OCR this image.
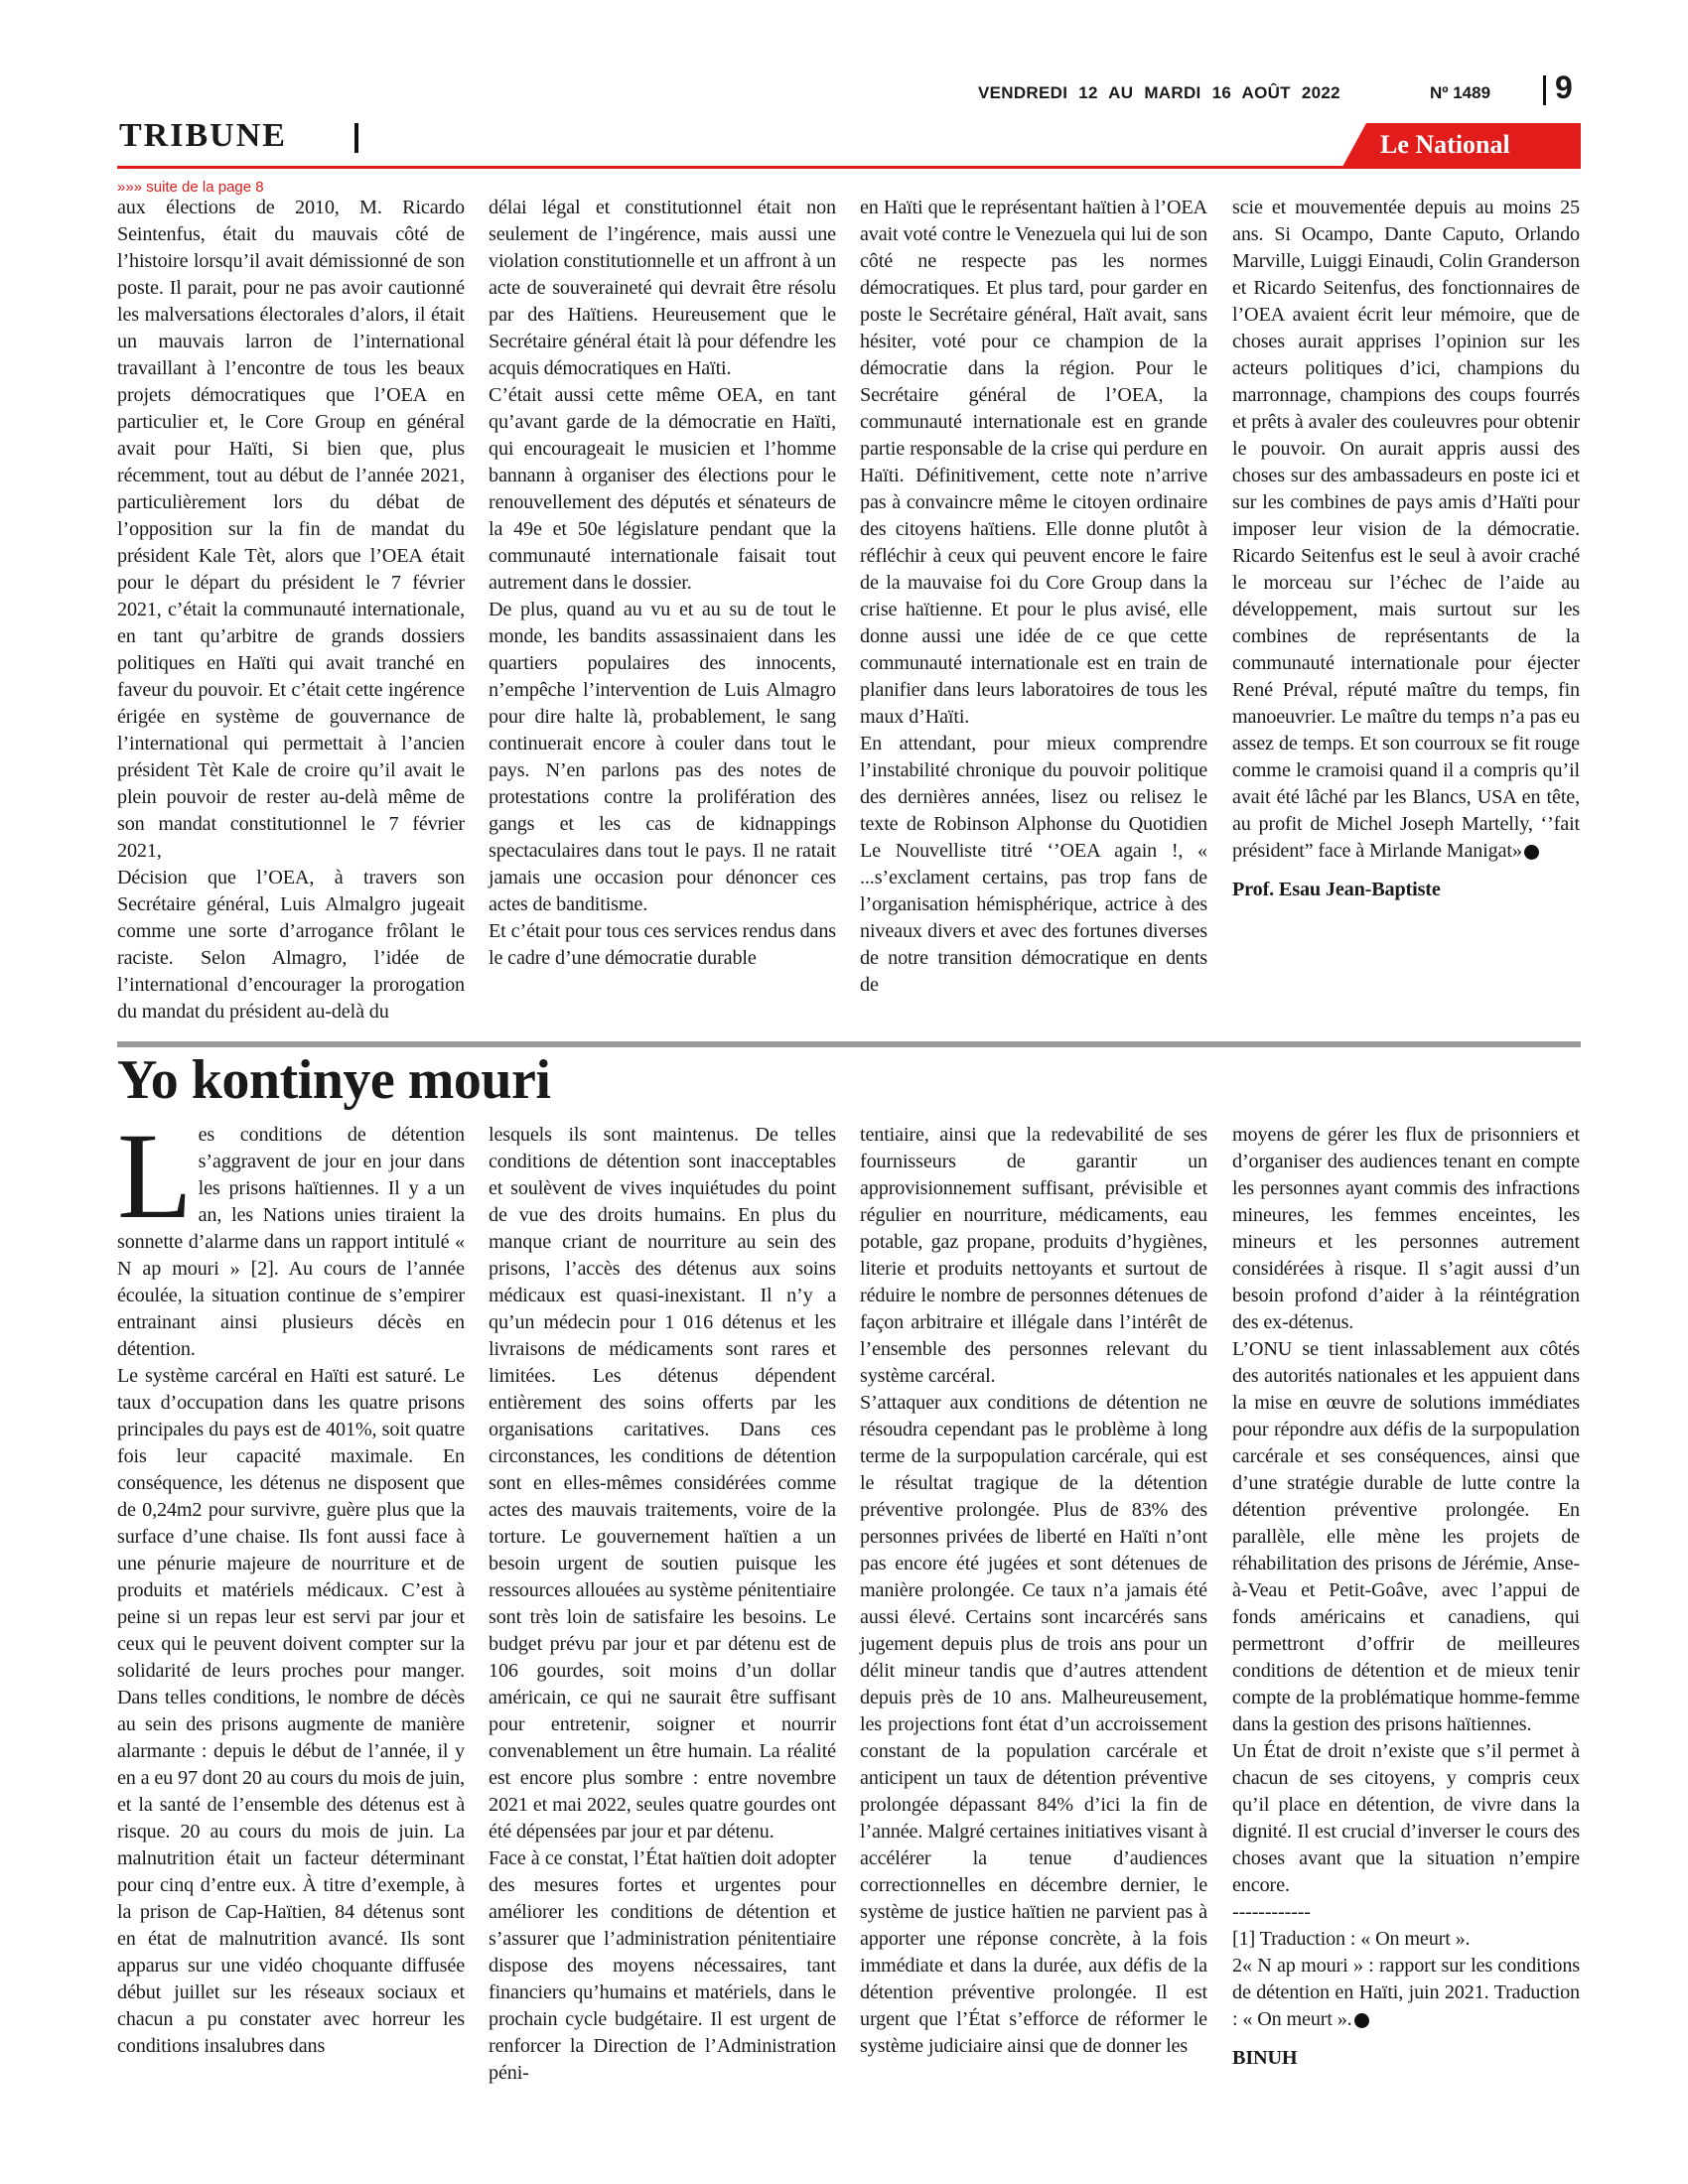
VENDREDI 12 AU MARDI 16 AOÛT 2022	Nº 1489 9
TRIBUNE	Le National
»»» suite de la page 8

aux élections de 2010, M. Ricardo Seintenfus, était du mauvais côté de l’histoire lorsqu’il avait démissionné de son poste. Il parait, pour ne pas avoir cautionné les malversations électorales d’alors, il était un mauvais larron de l’international travaillant à l’encontre de tous les beaux projets démocratiques que l’OEA en particulier et, le Core Group en général avait pour Haïti, Si bien que, plus récemment, tout au début de l’année 2021, particulièrement lors du débat de l’opposition sur la fin de mandat du président Kale Tèt, alors que l’OEA était pour le départ du président le 7 février 2021, c’était la communauté internationale, en tant qu’arbitre de grands dossiers politiques en Haïti qui avait tranché en faveur du pouvoir. Et c’était cette ingérence érigée en système de gouvernance de l’international qui permettait à l’ancien président Tèt Kale de croire qu’il avait le plein pouvoir de rester au-delà même de son mandat constitutionnel le 7 février 2021,

Décision que l’OEA, à travers son Secrétaire général, Luis Almalgro jugeait comme une sorte d’arrogance frôlant le raciste. Selon Almagro, l’idée de l’international d’encourager la prorogation du mandat du président au-delà du

délai légal et constitutionnel était non seulement de l’ingérence, mais aussi une violation constitutionnelle et un affront à un acte de souveraineté qui devrait être résolu par des Haïtiens. Heureusement que le Secrétaire général était là pour défendre les acquis démocratiques en Haïti.

C’était aussi cette même OEA, en tant qu’avant garde de la démocratie en Haïti, qui encourageait le musicien et l’homme bannann à organiser des élections pour le renouvellement des députés et sénateurs de la 49e et 50e législature pendant que la communauté internationale faisait tout autrement dans le dossier.

De plus, quand au vu et au su de tout le monde, les bandits assassinaient dans les quartiers populaires des innocents, n’empêche l’intervention de Luis Almagro pour dire halte là, probablement, le sang continuerait encore à couler dans tout le pays. N’en parlons pas des notes de protestations contre la prolifération des gangs et les cas de kidnappings spectaculaires dans tout le pays. Il ne ratait jamais une occasion pour dénoncer ces actes de banditisme.

Et c’était pour tous ces services rendus dans le cadre d’une démocratie durable

en Haïti que le représentant haïtien à l’OEA avait voté contre le Venezuela qui lui de son côté ne respecte pas les normes démocratiques. Et plus tard, pour garder en poste le Secrétaire général, Haït avait, sans hésiter, voté pour ce champion de la démocratie dans la région. Pour le Secrétaire général de l’OEA, la communauté internationale est en grande partie responsable de la crise qui perdure en Haïti. Définitivement, cette note n’arrive pas à convaincre même le citoyen ordinaire des citoyens haïtiens. Elle donne plutôt à réfléchir à ceux qui peuvent encore le faire de la mauvaise foi du Core Group dans la crise haïtienne. Et pour le plus avisé, elle donne aussi une idée de ce que cette communauté internationale est en train de planifier dans leurs laboratoires de tous les maux d’Haïti.

En attendant, pour mieux comprendre l’instabilité chronique du pouvoir politique des dernières années, lisez ou relisez le texte de Robinson Alphonse du Quotidien Le Nouvelliste titré ‘’OEA again !, « ...s’exclament certains, pas trop fans de l’organisation hémisphérique, actrice à des niveaux divers et avec des fortunes diverses de notre transition démocratique en dents de

scie et mouvementée depuis au moins 25 ans. Si Ocampo, Dante Caputo, Orlando Marville, Luiggi Einaudi, Colin Granderson et Ricardo Seitenfus, des fonctionnaires de l’OEA avaient écrit leur mémoire, que de choses aurait apprises l’opinion sur les acteurs politiques d’ici, champions du marronnage, champions des coups fourrés et prêts à avaler des couleuvres pour obtenir le pouvoir. On aurait appris aussi des choses sur des ambassadeurs en poste ici et sur les combines de pays amis d’Haïti pour imposer leur vision de la démocratie. Ricardo Seitenfus est le seul à avoir craché le morceau sur l’échec de l’aide au développement, mais surtout sur les combines de représentants de la communauté internationale pour éjecter René Préval, réputé maître du temps, fin manoeuvrier. Le maître du temps n’a pas eu assez de temps. Et son courroux se fit rouge comme le cramoisi quand il a compris qu’il avait été lâché par les Blancs, USA en tête, au profit de Michel Joseph Martelly, ‘’fait président” face à Mirlande Manigat»

Prof. Esau Jean-Baptiste

Yo kontinye mouri

Les conditions de détention s’aggravent de jour en jour dans les prisons haïtiennes. Il y a un an, les Nations unies tiraient la sonnette d’alarme dans un rapport intitulé « N ap mouri » [2]. Au cours de l’année écoulée, la situation continue de s’empirer entrainant ainsi plusieurs décès en détention.

Le système carcéral en Haïti est saturé. Le taux d’occupation dans les quatre prisons principales du pays est de 401%, soit quatre fois leur capacité maximale. En conséquence, les détenus ne disposent que de 0,24m2 pour survivre, guère plus que la surface d’une chaise. Ils font aussi face à une pénurie majeure de nourriture et de produits et matériels médicaux. C’est à peine si un repas leur est servi par jour et ceux qui le peuvent doivent compter sur la solidarité de leurs proches pour manger. Dans telles conditions, le nombre de décès au sein des prisons augmente de manière alarmante : depuis le début de l’année, il y en a eu 97 dont 20 au cours du mois de juin, et la santé de l’ensemble des détenus est à risque. 20 au cours du mois de juin. La malnutrition était un facteur déterminant pour cinq d’entre eux. À titre d’exemple, à la prison de Cap-Haïtien, 84 détenus sont en état de malnutrition avancé. Ils sont apparus sur une vidéo choquante diffusée début juillet sur les réseaux sociaux et chacun a pu constater avec horreur les conditions insalubres dans

lesquels ils sont maintenus. De telles conditions de détention sont inacceptables et soulèvent de vives inquiétudes du point de vue des droits humains. En plus du manque criant de nourriture au sein des prisons, l’accès des détenus aux soins médicaux est quasi-inexistant. Il n’y a qu’un médecin pour 1 016 détenus et les livraisons de médicaments sont rares et limitées. Les détenus dépendent entièrement des soins offerts par les organisations caritatives. Dans ces circonstances, les conditions de détention sont en elles-mêmes considérées comme actes des mauvais traitements, voire de la torture. Le gouvernement haïtien a un besoin urgent de soutien puisque les ressources allouées au système pénitentiaire sont très loin de satisfaire les besoins. Le budget prévu par jour et par détenu est de 106 gourdes, soit moins d’un dollar américain, ce qui ne saurait être suffisant pour entretenir, soigner et nourrir convenablement un être humain. La réalité est encore plus sombre : entre novembre 2021 et mai 2022, seules quatre gourdes ont été dépensées par jour et par détenu.

Face à ce constat, l’État haïtien doit adopter des mesures fortes et urgentes pour améliorer les conditions de détention et s’assurer que l’administration pénitentiaire dispose des moyens nécessaires, tant financiers qu’humains et matériels, dans le prochain cycle budgétaire. Il est urgent de renforcer la Direction de l’Administration péni-

tentiaire, ainsi que la redevabilité de ses fournisseurs de garantir un approvisionnement suffisant, prévisible et régulier en nourriture, médicaments, eau potable, gaz propane, produits d’hygiènes, literie et produits nettoyants et surtout de réduire le nombre de personnes détenues de façon arbitraire et illégale dans l’intérêt de l’ensemble des personnes relevant du système carcéral.

S’attaquer aux conditions de détention ne résoudra cependant pas le problème à long terme de la surpopulation carcérale, qui est le résultat tragique de la détention préventive prolongée. Plus de 83% des personnes privées de liberté en Haïti n’ont pas encore été jugées et sont détenues de manière prolongée. Ce taux n’a jamais été aussi élevé. Certains sont incarcérés sans jugement depuis plus de trois ans pour un délit mineur tandis que d’autres attendent depuis près de 10 ans. Malheureusement, les projections font état d’un accroissement constant de la population carcérale et anticipent un taux de détention préventive prolongée dépassant 84% d’ici la fin de l’année. Malgré certaines initiatives visant à accélérer la tenue d’audiences correctionnelles en décembre dernier, le système de justice haïtien ne parvient pas à apporter une réponse concrète, à la fois immédiate et dans la durée, aux défis de la détention préventive prolongée. Il est urgent que l’État s’efforce de réformer le système judiciaire ainsi que de donner les

moyens de gérer les flux de prisonniers et d’organiser des audiences tenant en compte les personnes ayant commis des infractions mineures, les femmes enceintes, les mineurs et les personnes autrement considérées à risque. Il s’agit aussi d’un besoin profond d’aider à la réintégration des ex-détenus.

L’ONU se tient inlassablement aux côtés des autorités nationales et les appuient dans la mise en œuvre de solutions immédiates pour répondre aux défis de la surpopulation carcérale et ses conséquences, ainsi que d’une stratégie durable de lutte contre la détention préventive prolongée. En parallèle, elle mène les projets de réhabilitation des prisons de Jérémie, Anse-à-Veau et Petit-Goâve, avec l’appui de fonds américains et canadiens, qui permettront d’offrir de meilleures conditions de détention et de mieux tenir compte de la problématique homme-femme dans la gestion des prisons haïtiennes.

Un État de droit n’existe que s’il permet à chacun de ses citoyens, y compris ceux qu’il place en détention, de vivre dans la dignité. Il est crucial d’inverser le cours des choses avant que la situation n’empire encore.

------------

[1] Traduction : « On meurt ».

2« N ap mouri » : rapport sur les conditions de détention en Haïti, juin 2021. Traduction : « On meurt ».

BINUH
